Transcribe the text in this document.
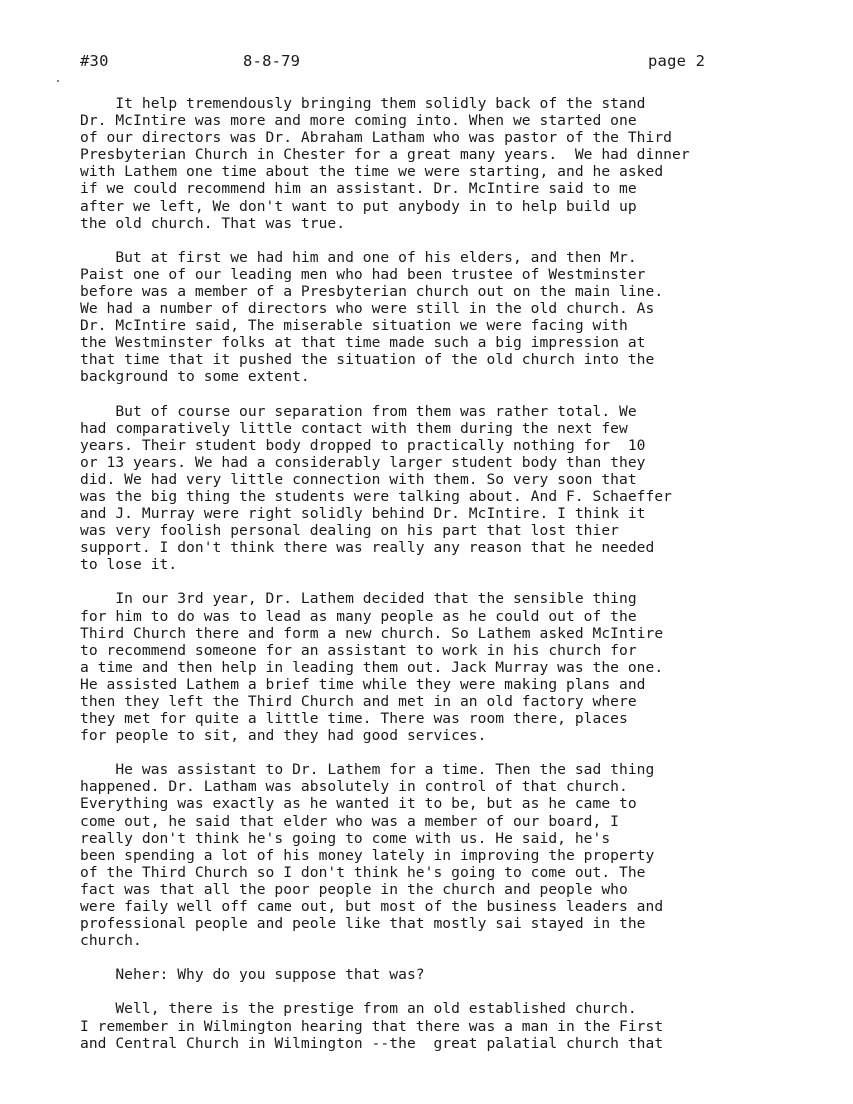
#30	8-8-79	page 2
It help tremendously bringing them solidly back of the stand
Dr. McIntire was more and more coming into. When we started one
of our directors was Dr. Abraham Latham who was pastor of the Third
Presbyterian Church in Chester for a great many years.  We had dinner
with Lathem one time about the time we were starting, and he asked
if we could recommend him an assistant. Dr. McIntire said to me
after we left, We don't want to put anybody in to help build up
the old church. That was true.
But at first we had him and one of his elders, and then Mr.
Paist one of our leading men who had been trustee of Westminster
before was a member of a Presbyterian church out on the main line.
We had a number of directors who were still in the old church. As
Dr. McIntire said, The miserable situation we were facing with
the Westminster folks at that time made such a big impression at
that time that it pushed the situation of the old church into the
background to some extent.
But of course our separation from them was rather total. We
had comparatively little contact with them during the next few
years. Their student body dropped to practically nothing for  10
or 13 years. We had a considerably larger student body than they
did. We had very little connection with them. So very soon that
was the big thing the students were talking about. And F. Schaeffer
and J. Murray were right solidly behind Dr. McIntire. I think it
was very foolish personal dealing on his part that lost thier
support. I don't think there was really any reason that he needed
to lose it.
In our 3rd year, Dr. Lathem decided that the sensible thing
for him to do was to lead as many people as he could out of the
Third Church there and form a new church. So Lathem asked McIntire
to recommend someone for an assistant to work in his church for
a time and then help in leading them out. Jack Murray was the one.
He assisted Lathem a brief time while they were making plans and
then they left the Third Church and met in an old factory where
they met for quite a little time. There was room there, places
for people to sit, and they had good services.
He was assistant to Dr. Lathem for a time. Then the sad thing
happened. Dr. Latham was absolutely in control of that church.
Everything was exactly as he wanted it to be, but as he came to
come out, he said that elder who was a member of our board, I
really don't think he's going to come with us. He said, he's
been spending a lot of his money lately in improving the property
of the Third Church so I don't think he's going to come out. The
fact was that all the poor people in the church and people who
were faily well off came out, but most of the business leaders and
professional people and peole like that mostly sai stayed in the
church.
Neher: Why do you suppose that was?
Well, there is the prestige from an old established church.
I remember in Wilmington hearing that there was a man in the First
and Central Church in Wilmington --the  great palatial church that
